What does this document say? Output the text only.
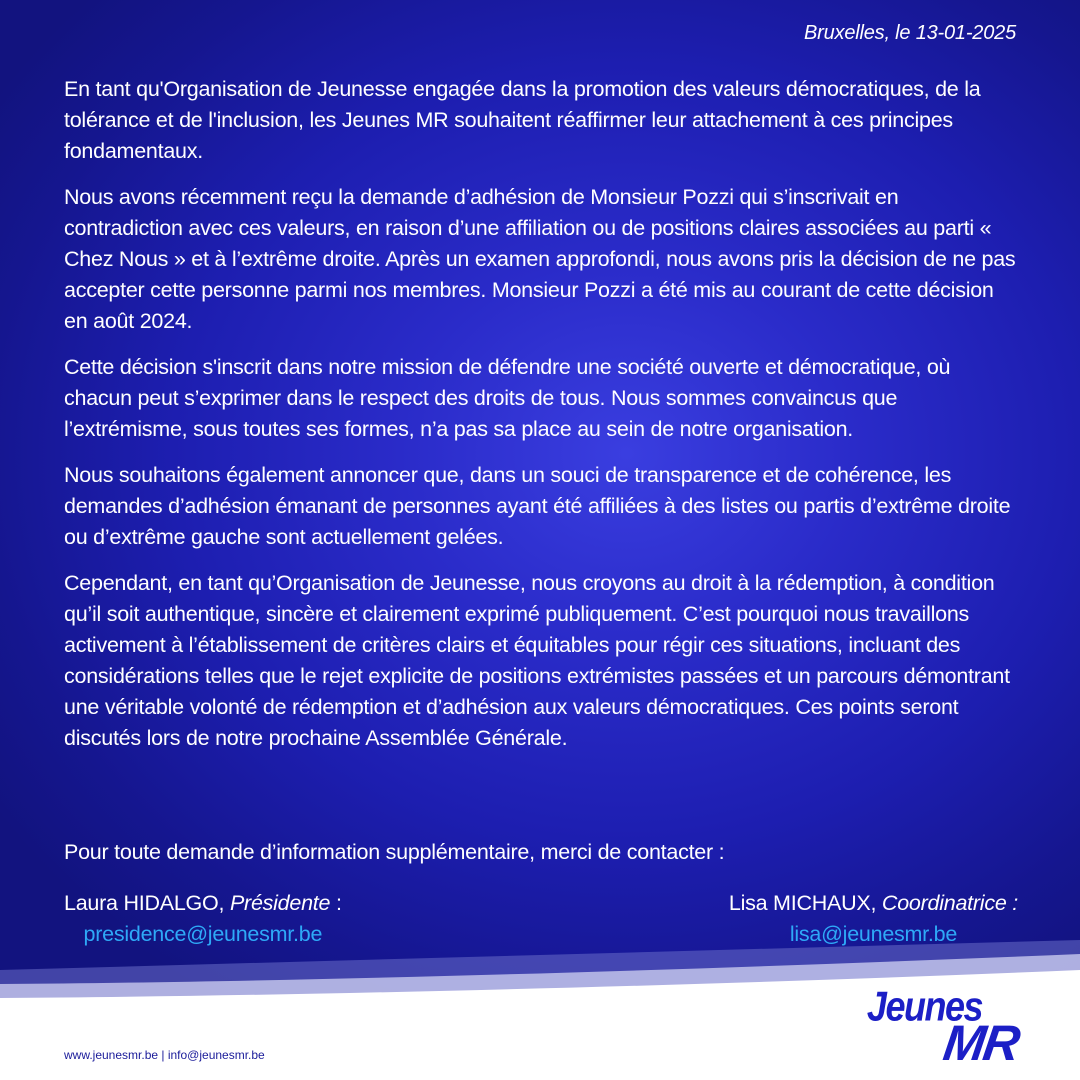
Bruxelles, le 13-01-2025

En tant qu'Organisation de Jeunesse engagée dans la promotion des valeurs démocratiques, de la tolérance et de l'inclusion, les Jeunes MR souhaitent réaffirmer leur attachement à ces principes fondamentaux.

Nous avons récemment reçu la demande d’adhésion de Monsieur Pozzi qui s’inscrivait en contradiction avec ces valeurs, en raison d’une affiliation ou de positions claires associées au parti « Chez Nous » et à l’extrême droite. Après un examen approfondi, nous avons pris la décision de ne pas accepter cette personne parmi nos membres. Monsieur Pozzi a été mis au courant de cette décision en août 2024.

Cette décision s'inscrit dans notre mission de défendre une société ouverte et démocratique, où chacun peut s’exprimer dans le respect des droits de tous. Nous sommes convaincus que l’extrémisme, sous toutes ses formes, n’a pas sa place au sein de notre organisation.

Nous souhaitons également annoncer que, dans un souci de transparence et de cohérence, les demandes d’adhésion émanant de personnes ayant été affiliées à des listes ou partis d’extrême droite ou d’extrême gauche sont actuellement gelées.

Cependant, en tant qu’Organisation de Jeunesse, nous croyons au droit à la rédemption, à condition qu’il soit authentique, sincère et clairement exprimé publiquement. C’est pourquoi nous travaillons activement à l’établissement de critères clairs et équitables pour régir ces situations, incluant des considérations telles que le rejet explicite de positions extrémistes passées et un parcours démontrant une véritable volonté de rédemption et d’adhésion aux valeurs démocratiques. Ces points seront discutés lors de notre prochaine Assemblée Générale.

Pour toute demande d’information supplémentaire, merci de contacter :
Laura HIDALGO, Présidente :
presidence@jeunesmr.be
Lisa MICHAUX, Coordinatrice :
lisa@jeunesmr.be
www.jeunesmr.be | info@jeunesmr.be
Jeunes
MR
